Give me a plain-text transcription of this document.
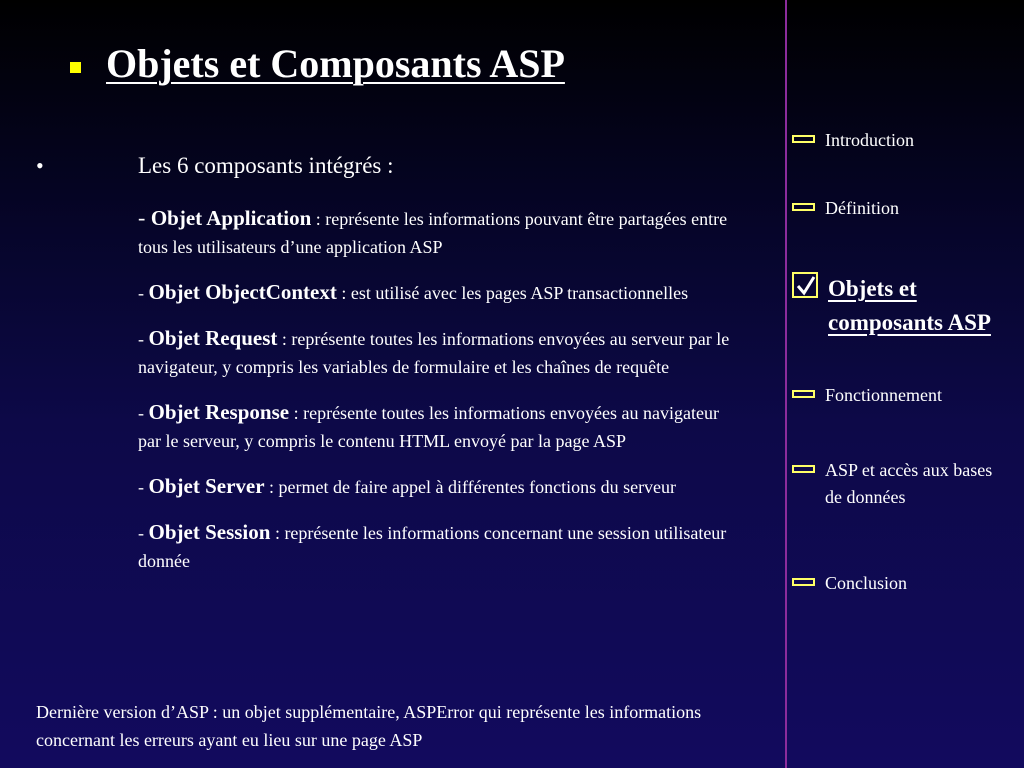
Objets et Composants ASP
•	Les 6 composants intégrés :
- Objet Application : représente les informations pouvant être partagées entre tous les utilisateurs d’une application ASP
- Objet ObjectContext : est utilisé avec les pages ASP transactionnelles
- Objet Request : représente toutes les informations envoyées au serveur par le navigateur, y compris les variables de formulaire et les chaînes de requête
- Objet Response : représente toutes les informations envoyées au navigateur par le serveur, y compris le contenu HTML envoyé par la page ASP
- Objet Server : permet de faire appel à différentes fonctions du serveur
- Objet Session : représente les informations concernant une session utilisateur donnée
Dernière version d’ASP : un objet supplémentaire, ASPError qui représente les informations concernant les erreurs ayant eu lieu sur une page ASP
Introduction
Définition
Objets et composants ASP
Fonctionnement
ASP et accès aux bases de données
Conclusion
